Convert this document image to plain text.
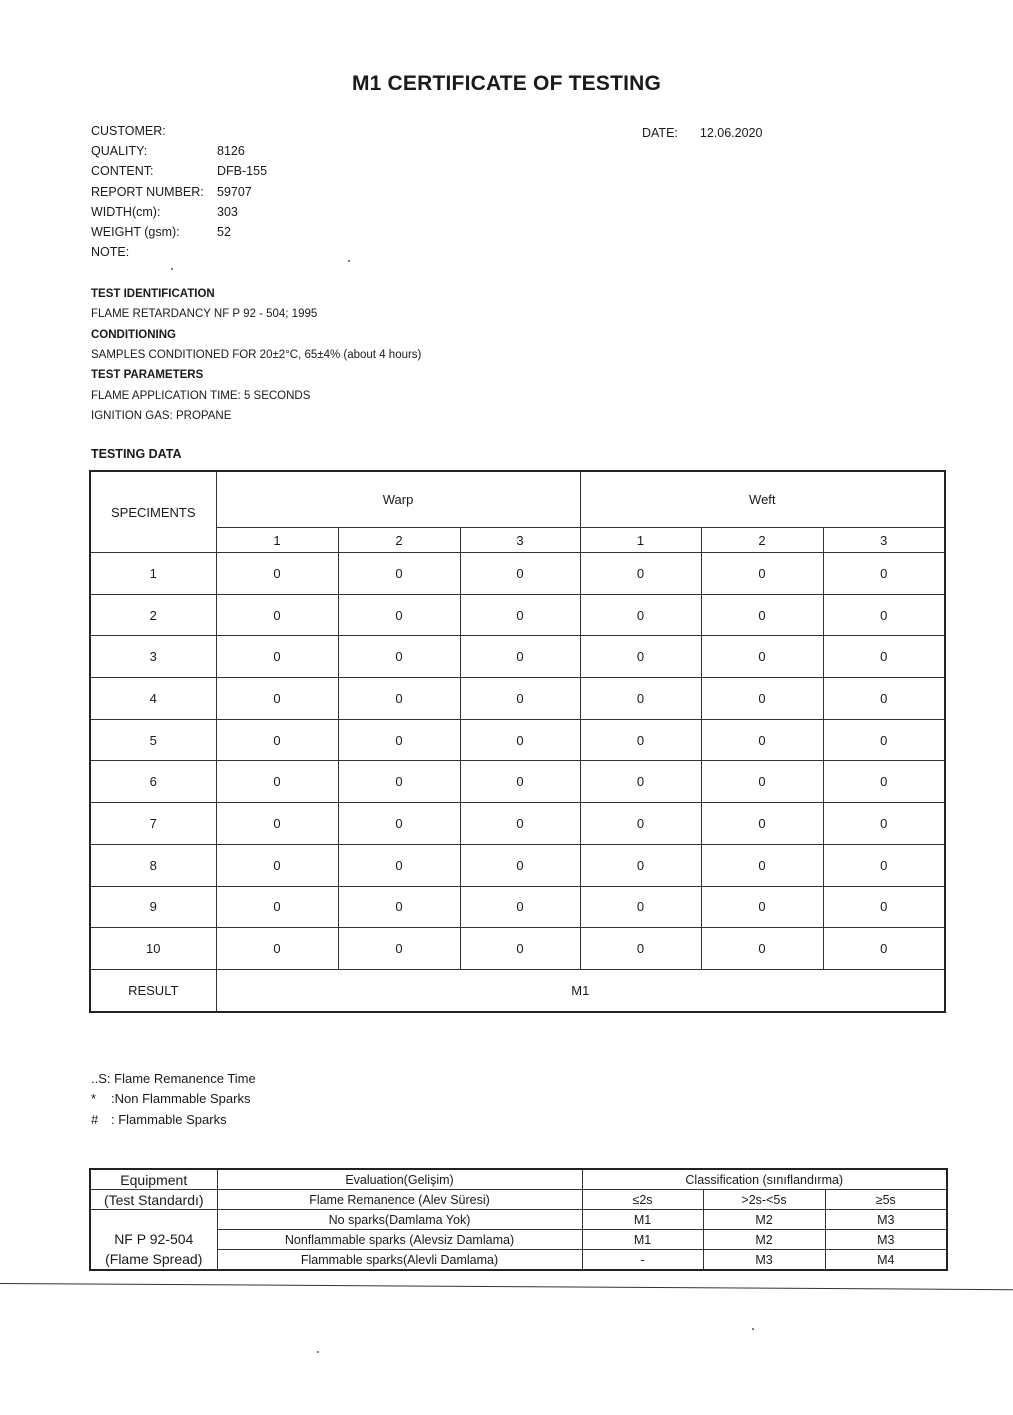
M1 CERTIFICATE OF TESTING
CUSTOMER:
QUALITY:	8126
CONTENT:	DFB-155
REPORT NUMBER:	59707
WIDTH(cm):	303
WEIGHT (gsm):	52
NOTE:
DATE: 12.06.2020
TEST IDENTIFICATION
FLAME RETARDANCY NF P 92 - 504; 1995
CONDITIONING
SAMPLES CONDITIONED FOR 20±2°C, 65±4% (about 4 hours)
TEST PARAMETERS
FLAME APPLICATION TIME: 5 SECONDS
IGNITION GAS: PROPANE
TESTING DATA
SPECIMENTS	Warp			Weft		
	1	2	3	1	2	3
1	0	0	0	0	0	0
2	0	0	0	0	0	0
3	0	0	0	0	0	0
4	0	0	0	0	0	0
5	0	0	0	0	0	0
6	0	0	0	0	0	0
7	0	0	0	0	0	0
8	0	0	0	0	0	0
9	0	0	0	0	0	0
10	0	0	0	0	0	0
RESULT	M1					
..S : Flame Remanence Time
*	:Non Flammable Sparks
# : Flammable Sparks
Equipment	Evaluation(Gelişim)	Classification (sınıflandırma)		
(Test Standardı)	Flame Remanence (Alev Süresi)	≤2s	>2s-<5s	≥5s

NF P 92-504
(Flame Spread)	No sparks(Damlama Yok)	M1	M2	M3
	Nonflammable sparks (Alevsiz Damlama)	M1	M2	M3
	Flammable sparks(Alevli Damlama)	-	M3	M4
